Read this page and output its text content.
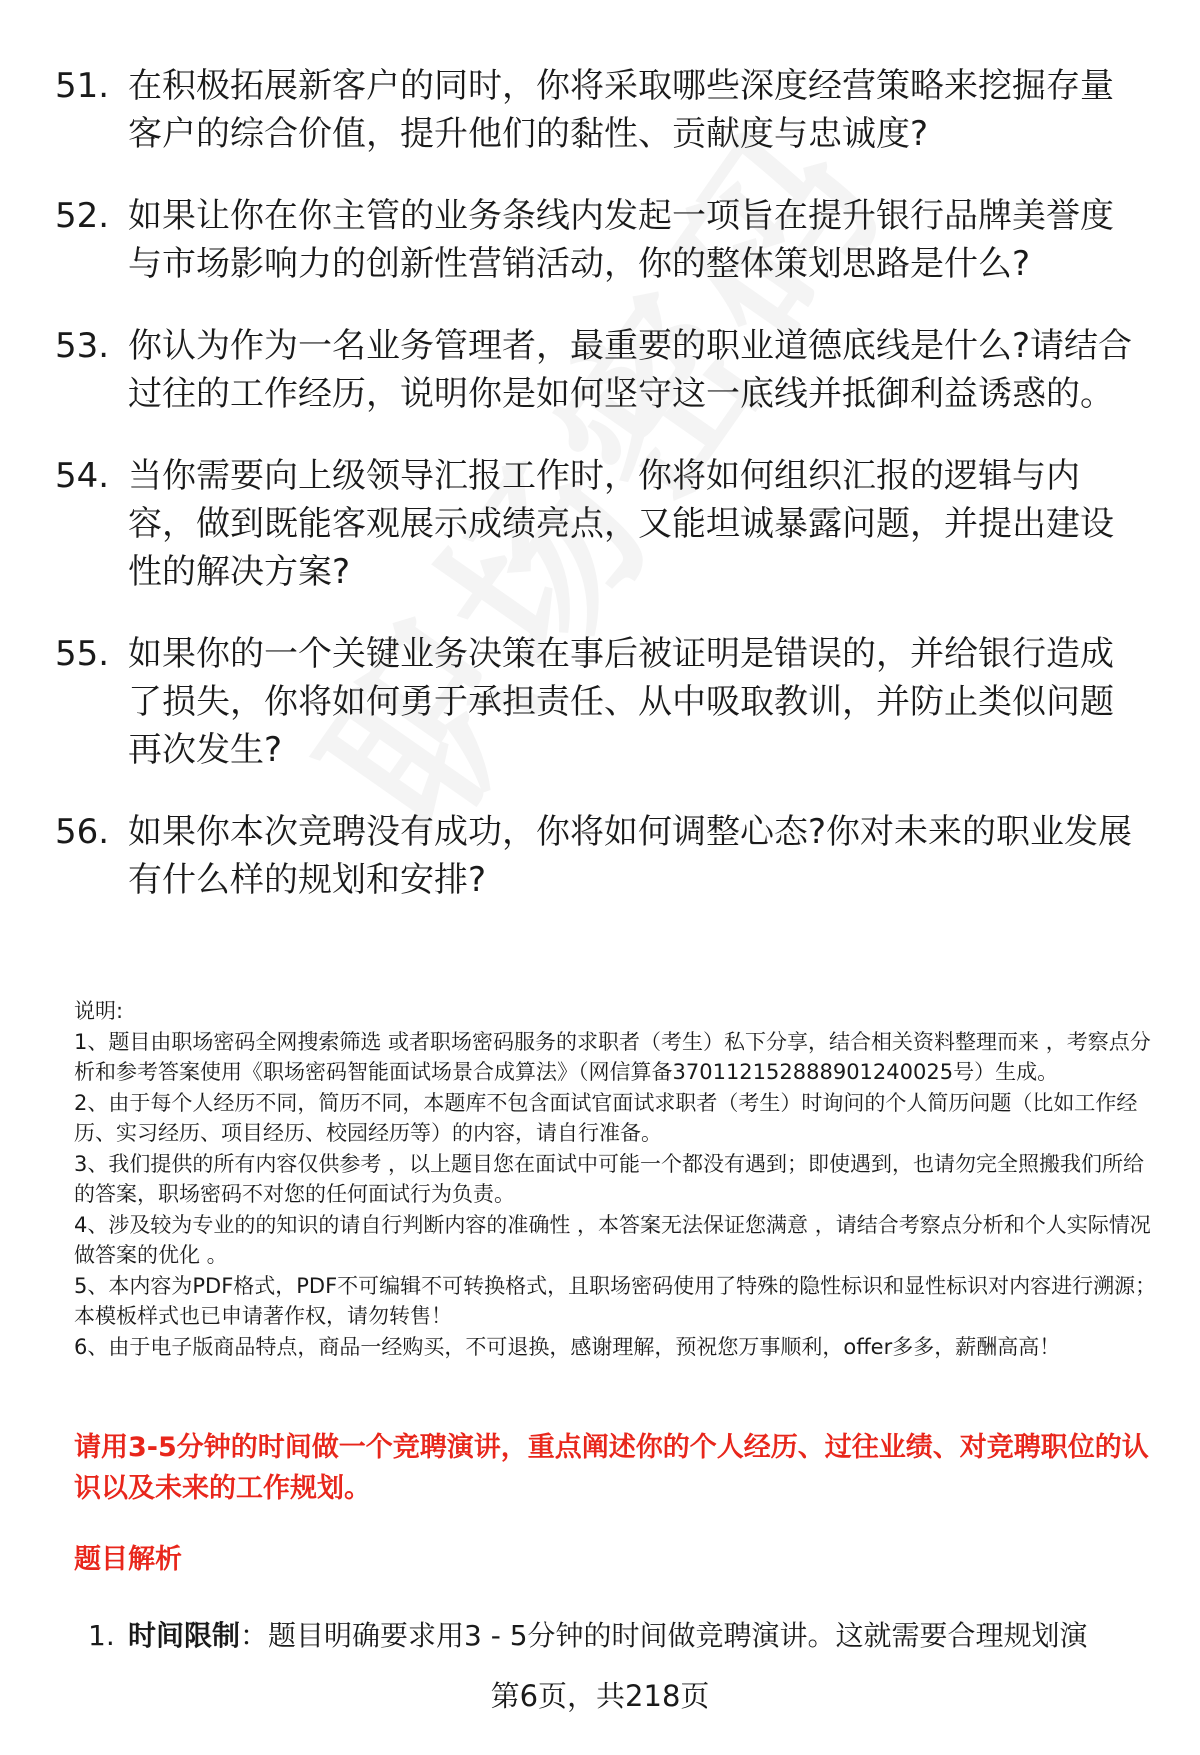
51. 在积极拓展新客户的同时，你将采取哪些深度经营策略来挖掘存量客户的综合价值，提升他们的黏性、贡献度与忠诚度?
52. 如果让你在你主管的业务条线内发起一项旨在提升银行品牌美誉度与市场影响力的创新性营销活动，你的整体策划思路是什么?
53. 你认为作为一名业务管理者，最重要的职业道德底线是什么?请结合过往的工作经历，说明你是如何坚守这一底线并抵御利益诱惑的。
54. 当你需要向上级领导汇报工作时，你将如何组织汇报的逻辑与内容，做到既能客观展示成绩亮点，又能坦诚暴露问题，并提出建设性的解决方案?
55. 如果你的一个关键业务决策在事后被证明是错误的，并给银行造成了损失，你将如何勇于承担责任、从中吸取教训，并防止类似问题再次发生?
56. 如果你本次竞聘没有成功，你将如何调整心态?你对未来的职业发展有什么样的规划和安排?

说明:

1、题目由职场密码全网搜索筛选 或者职场密码服务的求职者（考生）私下分享，结合相关资料整理而来 ，考察点分析和参考答案使用《职场密码智能面试场景合成算法》（网信算备370112152888901240025号）生成。

2、由于每个人经历不同，简历不同，本题库不包含面试官面试求职者（考生）时询问的个人简历问题（比如工作经历、实习经历、项目经历、校园经历等）的内容，请自行准备。

3、我们提供的所有内容仅供参考 ，以上题目您在面试中可能一个都没有遇到；即使遇到，也请勿完全照搬我们所给的答案，职场密码不对您的任何面试行为负责。

4、涉及较为专业的的知识的请自行判断内容的准确性 ，本答案无法保证您满意 ，请结合考察点分析和个人实际情况做答案的优化 。

5、本内容为PDF格式，PDF不可编辑不可转换格式，且职场密码使用了特殊的隐性标识和显性标识对内容进行溯源；本模板样式也已申请著作权，请勿转售！

6、由于电子版商品特点，商品一经购买，不可退换，感谢理解，预祝您万事顺利，offer多多，薪酬高高！

请用3-5分钟的时间做一个竞聘演讲，重点阐述你的个人经历、过往业绩、对竞聘职位的认识以及未来的工作规划。
题目解析
1. 时间限制：题目明确要求用3 - 5分钟的时间做竞聘演讲。这就需要合理规划演
第6页，共218页
